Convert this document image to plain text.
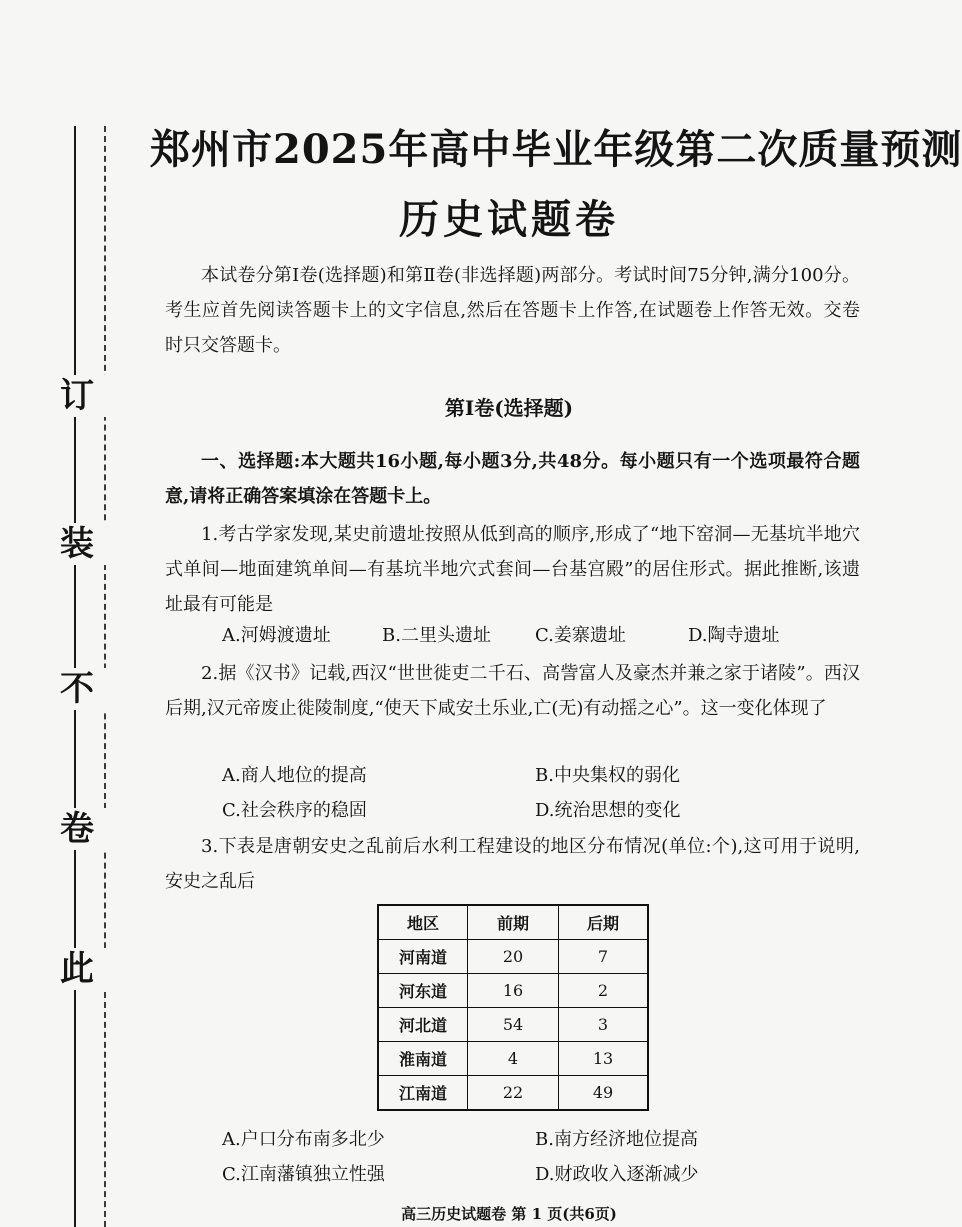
订
装
不
卷
此
郑州市2025年高中毕业年级第二次质量预测
历史试题卷
本试卷分第Ⅰ卷(选择题)和第Ⅱ卷(非选择题)两部分。考试时间75分钟,满分100分。考生应首先阅读答题卡上的文字信息,然后在答题卡上作答,在试题卷上作答无效。交卷时只交答题卡。
第Ⅰ卷(选择题)
一、选择题:本大题共16小题,每小题3分,共48分。每小题只有一个选项最符合题意,请将正确答案填涂在答题卡上。
1.考古学家发现,某史前遗址按照从低到高的顺序,形成了“地下窑洞—无基坑半地穴式单间—地面建筑单间—有基坑半地穴式套间—台基宫殿”的居住形式。据此推断,该遗址最有可能是
A.河姆渡遗址	B.二里头遗址 C.姜寨遗址	D.陶寺遗址
2.据《汉书》记载,西汉“世世徙吏二千石、高訾富人及豪杰并兼之家于诸陵”。西汉后期,汉元帝废止徙陵制度,“使天下咸安土乐业,亡(无)有动摇之心”。这一变化体现了
A.商人地位的提高	B.中央集权的弱化
C.社会秩序的稳固	D.统治思想的变化
3.下表是唐朝安史之乱前后水利工程建设的地区分布情况(单位:个),这可用于说明,安史之乱后
地区	前期	后期
河南道	20	7
河东道	16	2
河北道	54	3
淮南道	4	13
江南道	22	49
A.户口分布南多北少	B.南方经济地位提高
C.江南藩镇独立性强	D.财政收入逐渐减少
高三历史试题卷 第 1 页(共6页)
